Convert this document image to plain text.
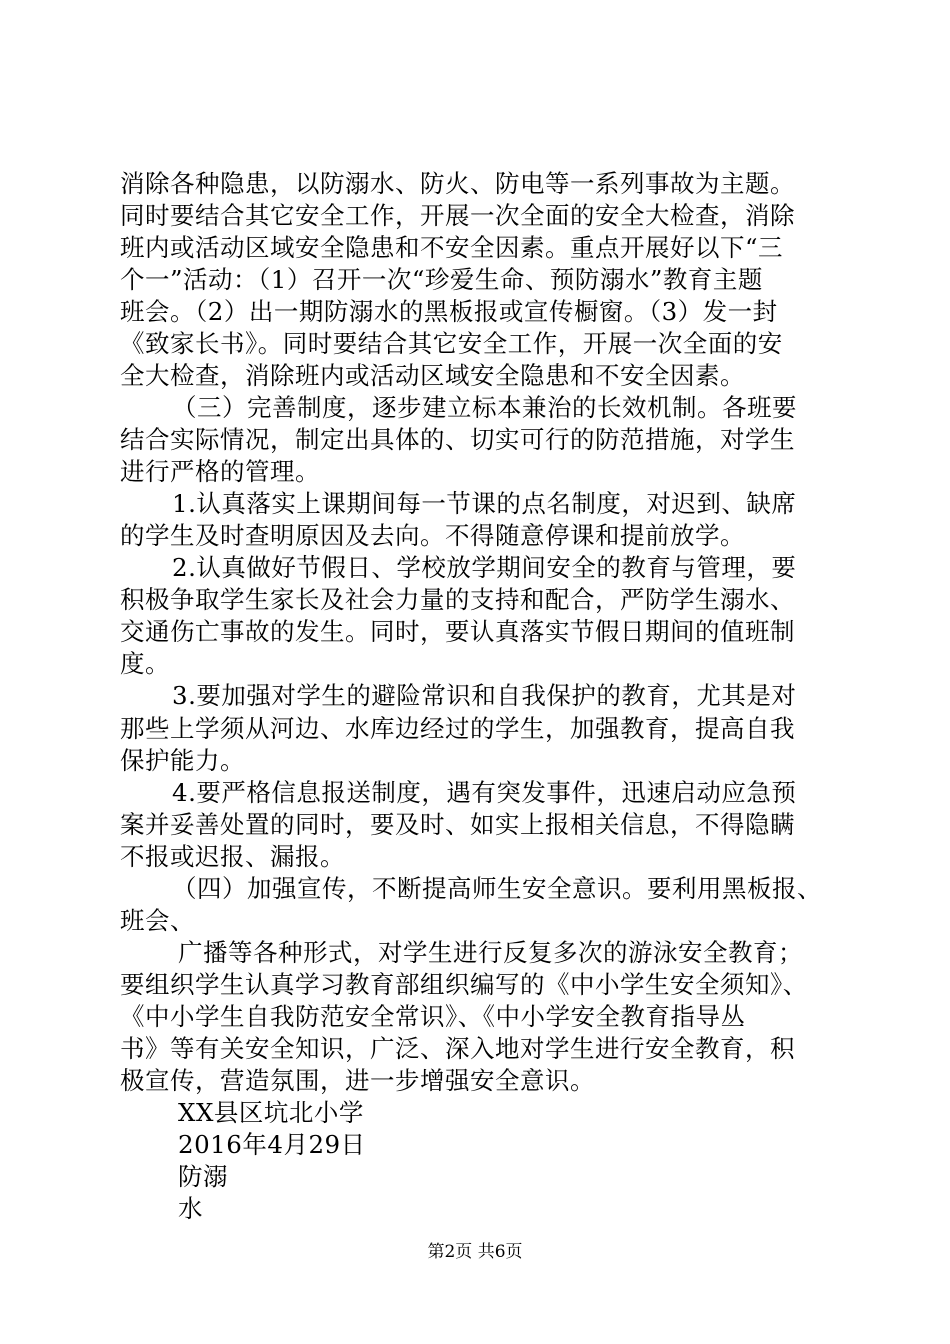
消除各种隐患，以防溺水、防火、防电等一系列事故为主题。
同时要结合其它安全工作，开展一次全面的安全大检查，消除
班内或活动区域安全隐患和不安全因素。重点开展好以下“三
个一”活动：（1）召开一次“珍爱生命、预防溺水”教育主题
班会。（2）出一期防溺水的黑板报或宣传橱窗。（3）发一封
《致家长书》。同时要结合其它安全工作，开展一次全面的安
全大检查，消除班内或活动区域安全隐患和不安全因素。
（三）完善制度，逐步建立标本兼治的长效机制。各班要
结合实际情况，制定出具体的、切实可行的防范措施，对学生
进行严格的管理。
1.认真落实上课期间每一节课的点名制度，对迟到、缺席
的学生及时查明原因及去向。不得随意停课和提前放学。
2.认真做好节假日、学校放学期间安全的教育与管理，要
积极争取学生家长及社会力量的支持和配合，严防学生溺水、
交通伤亡事故的发生。同时，要认真落实节假日期间的值班制
度。
3.要加强对学生的避险常识和自我保护的教育，尤其是对
那些上学须从河边、水库边经过的学生，加强教育，提高自我
保护能力。
4.要严格信息报送制度，遇有突发事件，迅速启动应急预
案并妥善处置的同时，要及时、如实上报相关信息，不得隐瞒
不报或迟报、漏报。
（四）加强宣传，不断提高师生安全意识。要利用黑板报、
班会、
广播等各种形式，对学生进行反复多次的游泳安全教育；
要组织学生认真学习教育部组织编写的《中小学生安全须知》、
《中小学生自我防范安全常识》、《中小学安全教育指导丛
书》等有关安全知识，广泛、深入地对学生进行安全教育，积
极宣传，营造氛围，进一步增强安全意识。
XX县区坑北小学
2016年4月29日
防溺
水
第2页 共6页
